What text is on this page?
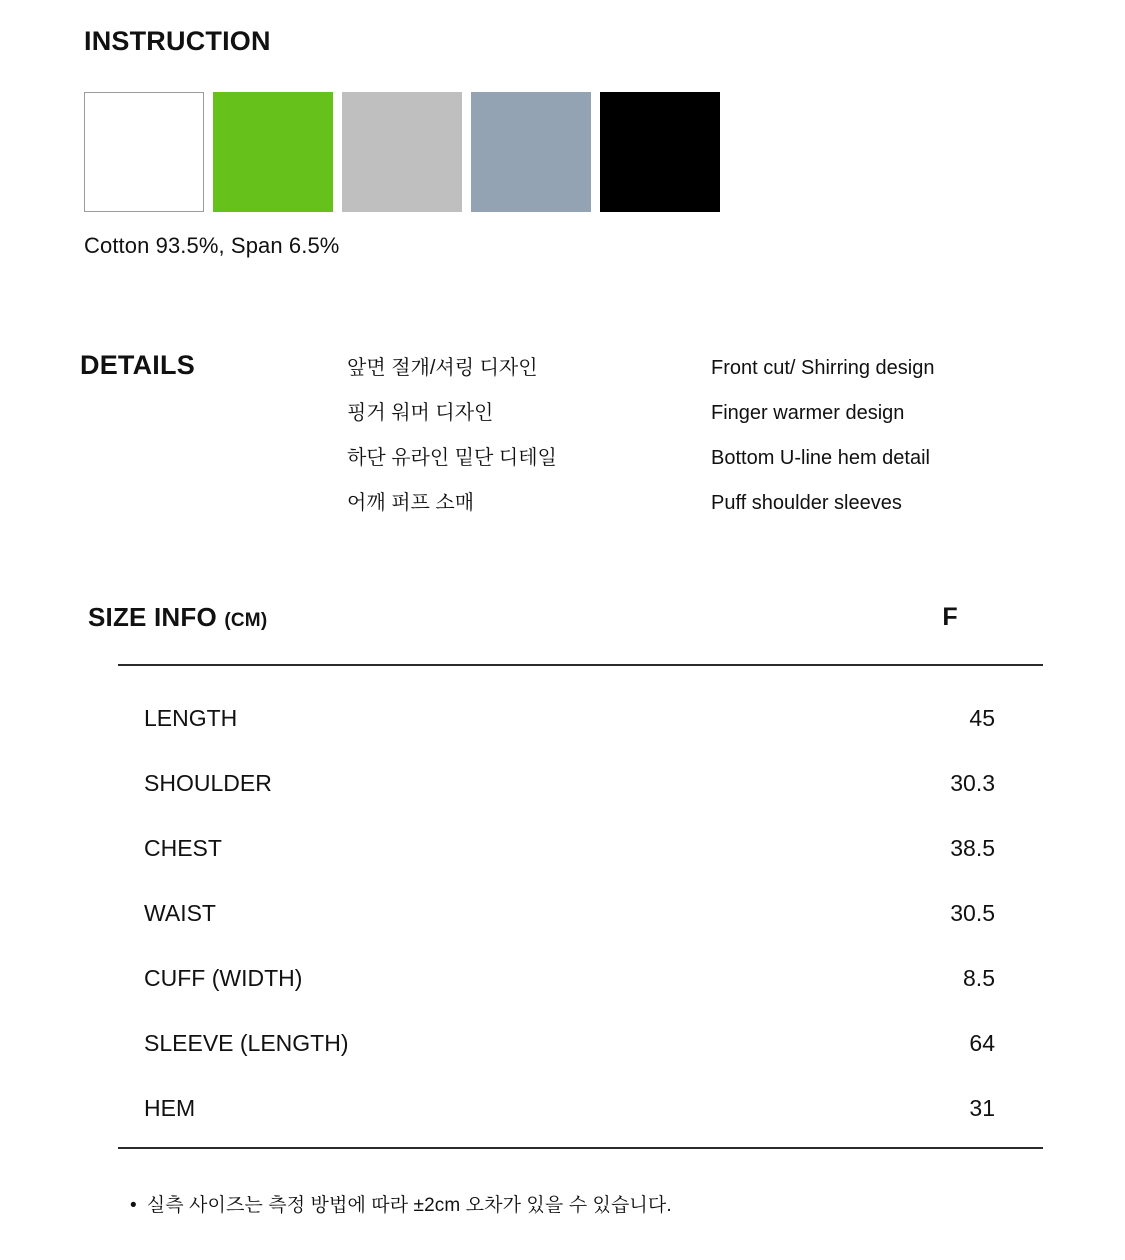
INSTRUCTION
Cotton 93.5%, Span 6.5%
DETAILS	앞면 절개/셔링 디자인	Front cut/ Shirring design
핑거 워머 디자인	Finger warmer design
하단 유라인 밑단 디테일	Bottom U-line hem detail
어깨 퍼프 소매	Puff shoulder sleeves
SIZE INFO (CM)	F
LENGTH	45
SHOULDER	30.3
CHEST	38.5
WAIST	30.5
CUFF (WIDTH)	8.5
SLEEVE (LENGTH)	64
HEM	31
• 실측 사이즈는 측정 방법에 따라 ±2cm 오차가 있을 수 있습니다.
